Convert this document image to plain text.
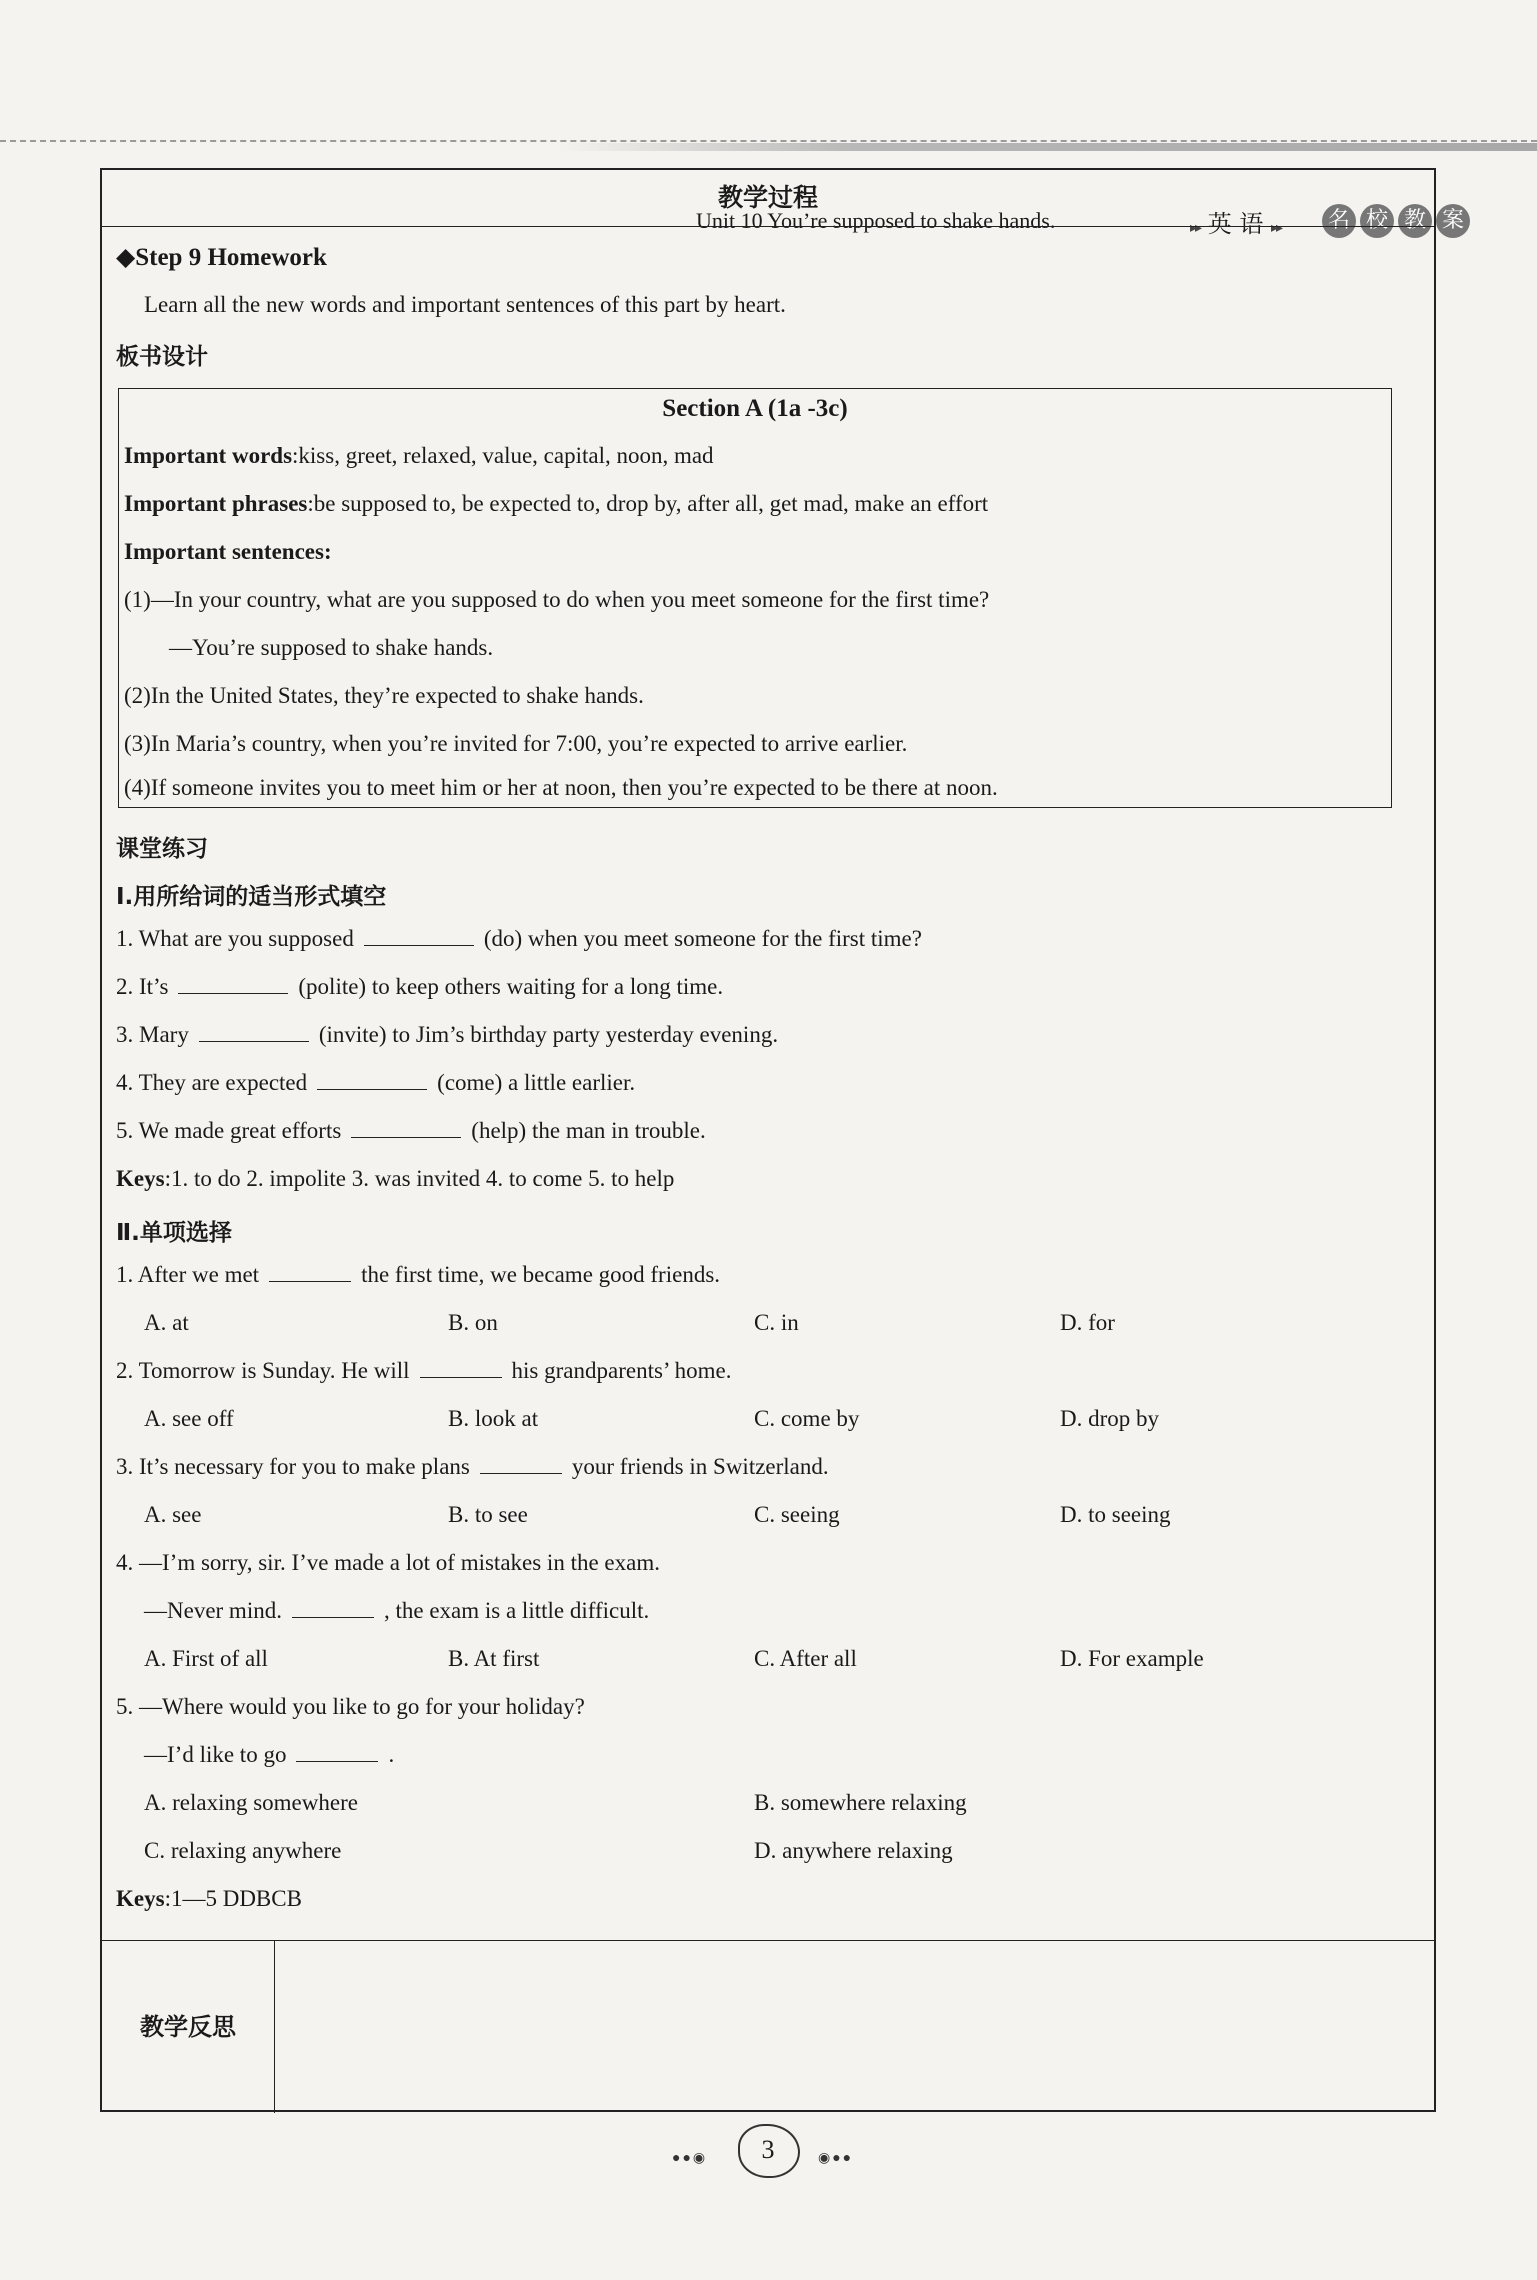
Unit 10 You’re supposed to shake hands.	▸▸ 英 语 ▸▸ 名 校 教 案
教学过程
◆Step 9 Homework
Learn all the new words and important sentences of this part by heart.
板书设计
Section A (1a -3c)
Important words:kiss, greet, relaxed, value, capital, noon, mad
Important phrases:be supposed to, be expected to, drop by, after all, get mad, make an effort
Important sentences:
(1)—In your country, what are you supposed to do when you meet someone for the first time?
—You’re supposed to shake hands.
(2)In the United States, they’re expected to shake hands.
(3)In Maria’s country, when you’re invited for 7:00, you’re expected to arrive earlier.
(4)If someone invites you to meet him or her at noon, then you’re expected to be there at noon.
课堂练习
Ⅰ.用所给词的适当形式填空
1. What are you supposed	(do) when you meet someone for the first time?
2. It’s	(polite) to keep others waiting for a long time.
3. Mary	(invite) to Jim’s birthday party yesterday evening.
4. They are expected	(come) a little earlier.
5. We made great efforts	(help) the man in trouble.
Keys:1. to do 2. impolite 3. was invited 4. to come 5. to help
Ⅱ.单项选择
1. After we met	the first time, we became good friends.
A. at	B. on	C. in	D. for
2. Tomorrow is Sunday. He will	his grandparents’ home.
A. see off	B. look at	C. come by	D. drop by
3. It’s necessary for you to make plans	your friends in Switzerland.
A. see	B. to see	C. seeing	D. to seeing
4. —I’m sorry, sir. I’ve made a lot of mistakes in the exam.
—Never mind.	, the exam is a little difficult.
A. First of all	B. At first	C. After all	D. For example
5. —Where would you like to go for your holiday?
—I’d like to go	.
A. relaxing somewhere	B. somewhere relaxing
C. relaxing anywhere	D. anywhere relaxing
Keys:1—5 DDBCB
教学反思
●●◉	3	◉●●
